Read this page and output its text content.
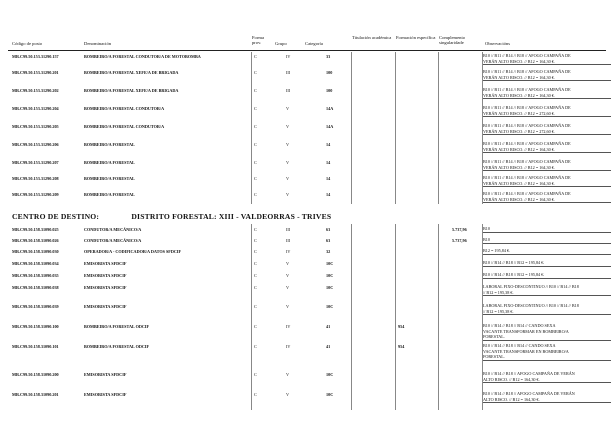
Código de posto	Denominación
Forma prov.	Grupo	Categoría
Titulación académica Formación específica Complemento singularidade	Observacións
MR.C99.50.153.31290.157	BOMBEIRO/A FORESTAL CONDUTOR/A DE MOTOBOMBA	C	IV	33	B10 // B11 // B14 // B18 // AFOGO CAMPAÑA DE
VERÁN ALTO RISCO. // B12 = 164,30 €.
MR.C99.50.153.31290.201	BOMBEIRO/A FORESTAL XEFE/A DE BRIGADA	C	III	100	B10 // B11 // B14 // B18 // AFOGO CAMPAÑA DE
VERÁN ALTO RISCO. // B12 = 164,30 €.
MR.C99.50.153.31290.202	BOMBEIRO/A FORESTAL XEFE/A DE BRIGADA	C	III	100	B10 // B11 // B14 // B18 // AFOGO CAMPAÑA DE
VERÁN ALTO RISCO. // B12 = 164,30 €.
MR.C99.50.153.31290.204	BOMBEIRO/A FORESTAL CONDUTOR/A	C	V	14A	B10 // B11 // B14 // B18 // AFOGO CAMPAÑA DE
VERÁN ALTO RISCO. // B12 = 272,60 €.
MR.C99.50.153.31290.205	BOMBEIRO/A FORESTAL CONDUTOR/A	C	V	14A	B10 // B11 // B14 // B18 // AFOGO CAMPAÑA DE
VERÁN ALTO RISCO. // B12 = 272,60 €.
MR.C99.50.153.31290.206	BOMBEIRO/A FORESTAL	C	V	14	B10 // B11 // B14 // B18 // AFOGO CAMPAÑA DE
VERÁN ALTO RISCO. // B12 = 164,30 €.
MR.C99.50.153.31290.207	BOMBEIRO/A FORESTAL	C	V	14	B10 // B11 // B14 // B18 // AFOGO CAMPAÑA DE
VERÁN ALTO RISCO. // B12 = 164,30 €.
MR.C99.50.153.31290.208	BOMBEIRO/A FORESTAL	C	V	14	B10 // B11 // B14 // B18 // AFOGO CAMPAÑA DE
VERÁN ALTO RISCO. // B12 = 164,30 €.
MR.C99.50.153.31290.209	BOMBEIRO/A FORESTAL	C	V	14	B10 // B11 // B14 // B18 // AFOGO CAMPAÑA DE
VERÁN ALTO RISCO. // B12 = 164,30 €.
CENTRO DE DESTINO:	DISTRITO FORESTAL: XIII - VALDEORRAS - TRIVES
MR.C99.50.158.31090.025	CONDUTOR/A MECÁNICO/A	C	III	63	5.737,96	B10
MR.C99.50.158.31090.026	CONDUTOR/A MECÁNICO/A	C	III	63	5.737,96	B10
MR.C99.50.158.31090.030	OPERADOR/A - CODIFICADOR/A DATOS SFDCIF	C	IV	32	B12 = 195,84 €.
MR.C99.50.158.31090.034	EMISORISTA SFDCIF	C	V	10C	B10 // B14 // B18 // B12 = 195,84 €.
MR.C99.50.158.31090.035	EMISORISTA SFDCIF	C	V	10C	B10 // B14 // B18 // B12 = 195,84 €.
MR.C99.50.158.31090.038	EMISORISTA SFDCIF	C	V	10C	LABORAL FIXO-DESCONTINUO // B10 // B14 // B18
// B12 = 195,38 €.
MR.C99.50.158.31090.039	EMISORISTA SFDCIF	C	V	10C	LABORAL FIXO-DESCONTINUO // B10 // B14 // B18
// B12 = 195,38 €.
MR.C99.50.158.31090.100	BOMBEIRO/A FORESTAL ODCIF	C	IV	41	954	B10 // B14 // B18 // B14 // CANDO SEXA
VACANTE TRANSFORMAR EN BOMBEIRO/A
FORESTAL.
MR.C99.50.158.31090.101	BOMBEIRO/A FORESTAL ODCIF	C	IV	41	954	B10 // B14 // B18 // B14 // CANDO SEXA
VACANTE TRANSFORMAR EN BOMBEIRO/A
FORESTAL.
MR.C99.50.158.31090.200	EMISORISTA SFDCIF	C	V	10C	B10 // B14 // B18 // AFOGO CAMPAÑA DE VERÁN
ALTO RISCO. // B12 = 164,30 €.
MR.C99.50.158.31090.201	EMISORISTA SFDCIF	C	V	10C	B10 // B14 // B18 // AFOGO CAMPAÑA DE VERÁN
ALTO RISCO. // B12 = 164,30 €.
